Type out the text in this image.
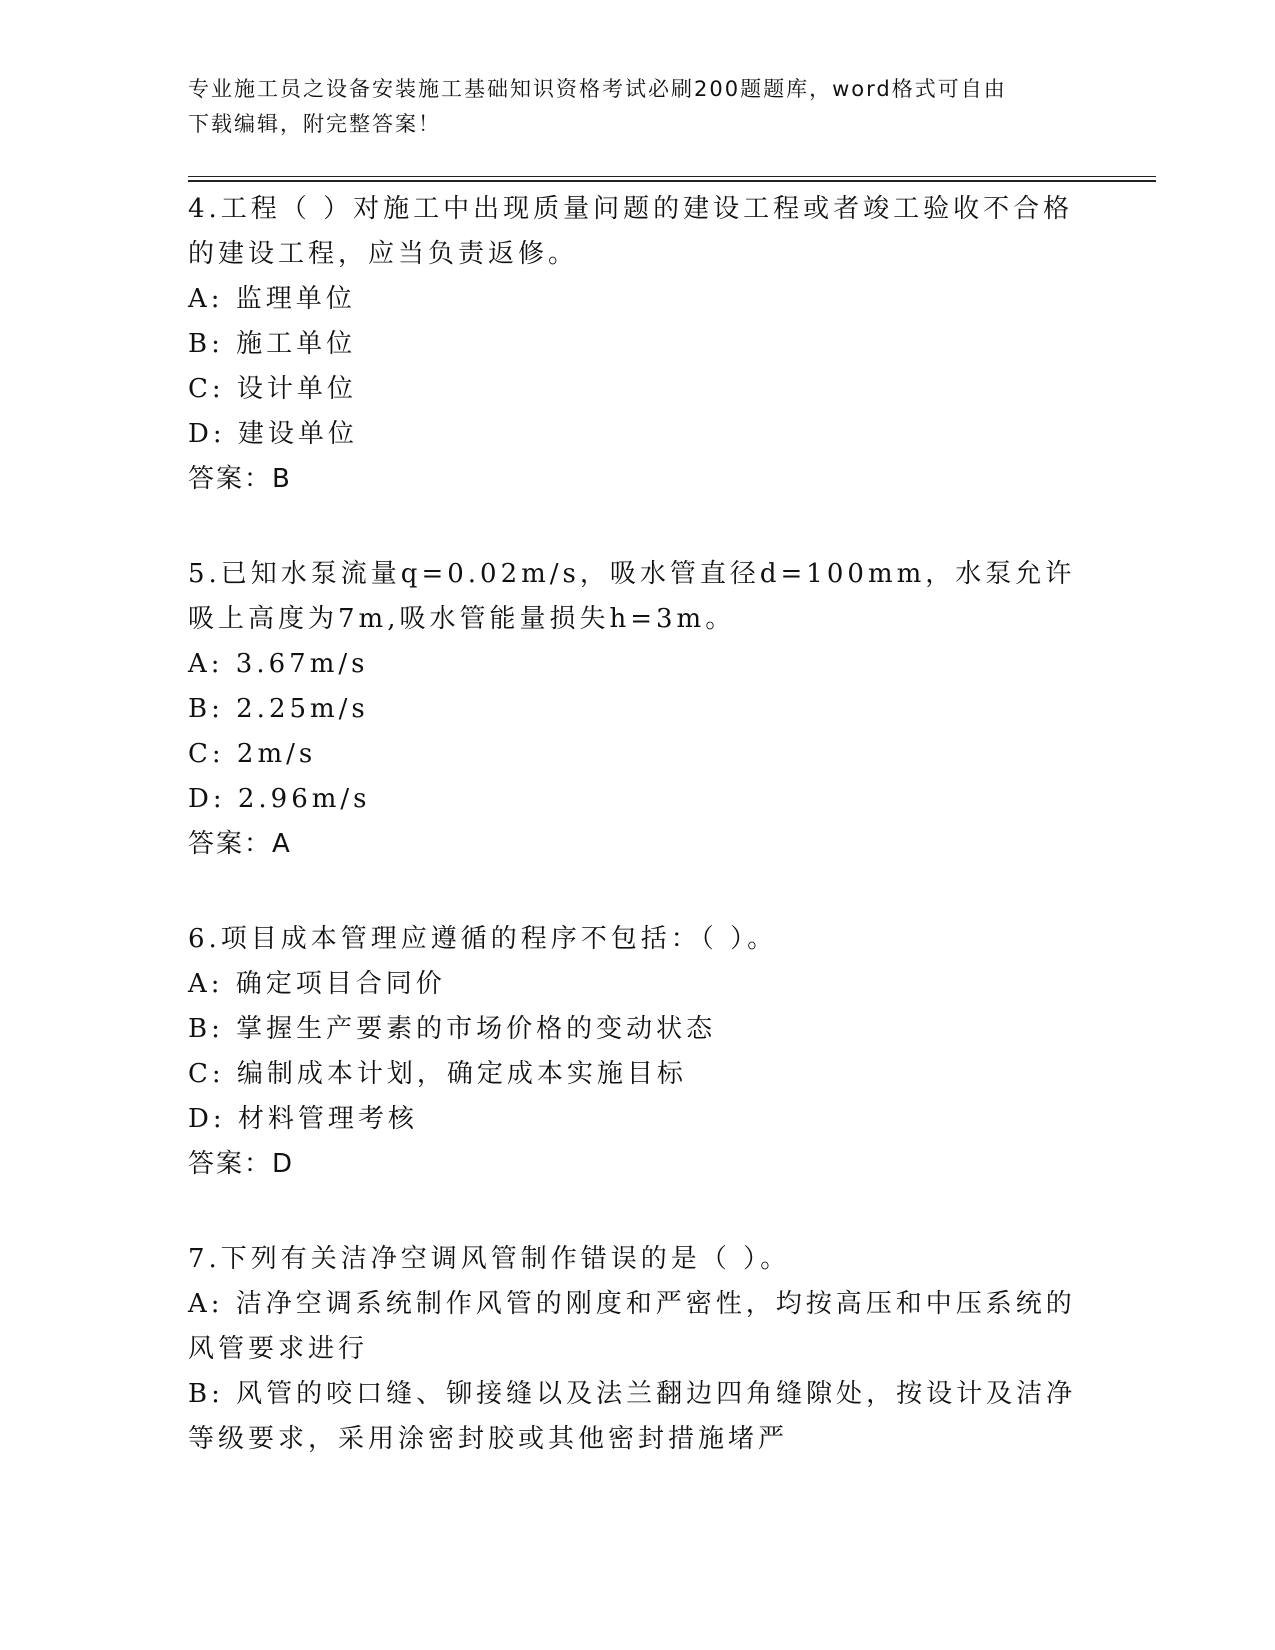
专业施工员之设备安装施工基础知识资格考试必刷200题题库，word格式可自由
下载编辑，附完整答案！

4.工程（ ）对施工中出现质量问题的建设工程或者竣工验收不合格的建设工程，应当负责返修。

A: 监理单位

B: 施工单位

C: 设计单位

D: 建设单位

答案：B

5.已知水泵流量q=0.02m/s，吸水管直径d=100mm，水泵允许吸上高度为7m,吸水管能量损失h=3m。

A: 3.67m/s

B: 2.25m/s

C: 2m/s

D: 2.96m/s

答案：A

6.项目成本管理应遵循的程序不包括：（ ）。

A: 确定项目合同价

B: 掌握生产要素的市场价格的变动状态

C: 编制成本计划，确定成本实施目标

D: 材料管理考核

答案：D

7.下列有关洁净空调风管制作错误的是（ ）。

A: 洁净空调系统制作风管的刚度和严密性，均按高压和中压系统的风管要求进行

B: 风管的咬口缝、铆接缝以及法兰翻边四角缝隙处，按设计及洁净等级要求，采用涂密封胶或其他密封措施堵严
